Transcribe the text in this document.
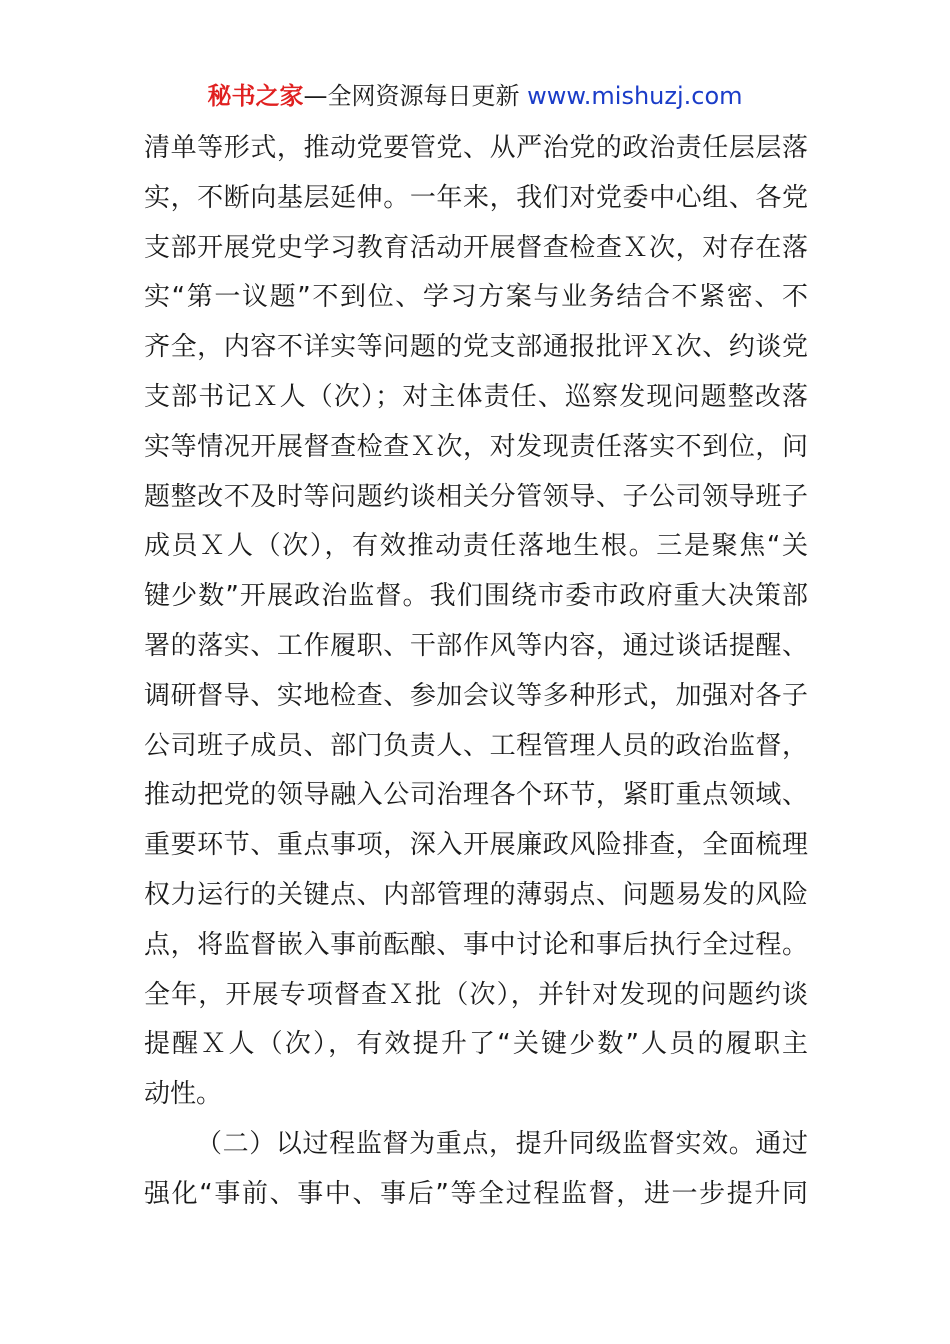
秘书之家—全网资源每日更新 www.mishuzj.com
清单等形式，推动党要管党、从严治党的政治责任层层落
实，不断向基层延伸。一年来，我们对党委中心组、各党
支部开展党史学习教育活动开展督查检查Ｘ次，对存在落
实“第一议题”不到位、学习方案与业务结合不紧密、不
齐全，内容不详实等问题的党支部通报批评Ｘ次、约谈党
支部书记Ｘ人（次）；对主体责任、巡察发现问题整改落
实等情况开展督查检查Ｘ次，对发现责任落实不到位，问
题整改不及时等问题约谈相关分管领导、子公司领导班子
成员Ｘ人（次），有效推动责任落地生根。三是聚焦“关
键少数”开展政治监督。我们围绕市委市政府重大决策部
署的落实、工作履职、干部作风等内容，通过谈话提醒、
调研督导、实地检查、参加会议等多种形式，加强对各子
公司班子成员、部门负责人、工程管理人员的政治监督，
推动把党的领导融入公司治理各个环节，紧盯重点领域、
重要环节、重点事项，深入开展廉政风险排查，全面梳理
权力运行的关键点、内部管理的薄弱点、问题易发的风险
点，将监督嵌入事前酝酿、事中讨论和事后执行全过程。
全年，开展专项督查Ｘ批（次），并针对发现的问题约谈
提醒Ｘ人（次），有效提升了“关键少数”人员的履职主
动性。
（二）以过程监督为重点，提升同级监督实效。通过
强化“事前、事中、事后”等全过程监督，进一步提升同
